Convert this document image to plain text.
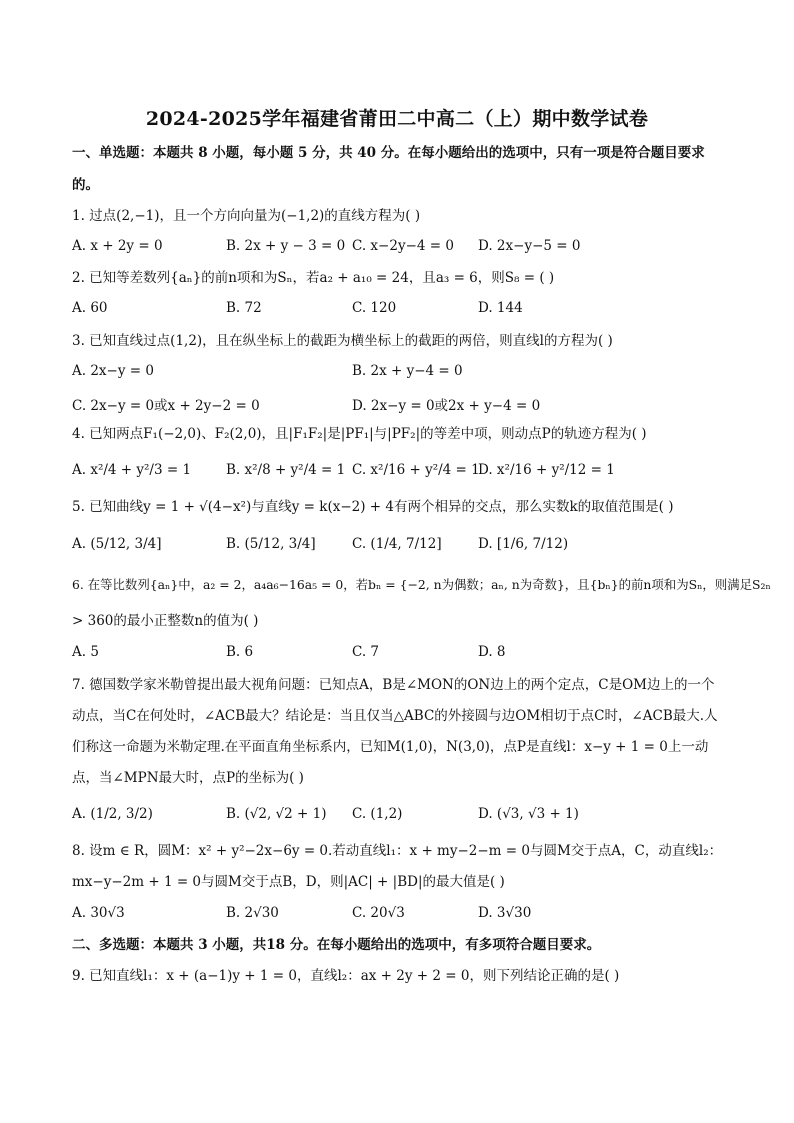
2024-2025学年福建省莆田二中高二（上）期中数学试卷
一、单选题：本题共 8 小题，每小题 5 分，共 40 分。在每小题给出的选项中，只有一项是符合题目要求
的。
1. 过点(2,−1)，且一个方向向量为(−1,2)的直线方程为( )
A. x + 2y = 0	B. 2x + y − 3 = 0 C. x−2y−4 = 0 D. 2x−y−5 = 0
2. 已知等差数列{aₙ}的前n项和为Sₙ，若a₂ + a₁₀ = 24，且a₃ = 6，则S₈ = ( )
A. 60	B. 72	C. 120	D. 144
3. 已知直线过点(1,2)，且在纵坐标上的截距为横坐标上的截距的两倍，则直线l的方程为( )
A. 2x−y = 0	B. 2x + y−4 = 0
C. 2x−y = 0或x + 2y−2 = 0	D. 2x−y = 0或2x + y−4 = 0
4. 已知两点F₁(−2,0)、F₂(2,0)，且|F₁F₂|是|PF₁|与|PF₂|的等差中项，则动点P的轨迹方程为( )
A. x²/4 + y²/3 = 1	B. x²/8 + y²/4 = 1 C. x²/16 + y²/4 = 1
D. x²/16 + y²/12 = 1
5. 已知曲线y = 1 + √(4−x²)与直线y = k(x−2) + 4有两个相异的交点，那么实数k的取值范围是( )
A. (5/12, 3/4]	B. (5/12, 3/4]	C. (1/4, 7/12]	D. [1/6, 7/12)
6. 在等比数列{aₙ}中，a₂ = 2，a₄a₆−16a₅ = 0，若bₙ = {−2, n为偶数；aₙ, n为奇数}，且{bₙ}的前n项和为Sₙ，则满足S₂ₙ
> 360的最小正整数n的值为( )
A. 5	B. 6	C. 7	D. 8
7. 德国数学家米勒曾提出最大视角问题：已知点A，B是∠MON的ON边上的两个定点，C是OM边上的一个
动点，当C在何处时，∠ACB最大？结论是：当且仅当△ABC的外接圆与边OM相切于点C时，∠ACB最大.人
们称这一命题为米勒定理.在平面直角坐标系内，已知M(1,0)，N(3,0)，点P是直线l：x−y + 1 = 0上一动
点，当∠MPN最大时，点P的坐标为( )
A. (1/2, 3/2)	B. (√2, √2 + 1) C. (1,2)	D. (√3, √3 + 1)
8. 设m ∈ R，圆M：x² + y²−2x−6y = 0.若动直线l₁：x + my−2−m = 0与圆M交于点A，C，动直线l₂：
mx−y−2m + 1 = 0与圆M交于点B，D，则|AC| + |BD|的最大值是( )
A. 30√3	B. 2√30	C. 20√3	D. 3√30
二、多选题：本题共 3 小题，共18 分。在每小题给出的选项中，有多项符合题目要求。
9. 已知直线l₁：x + (a−1)y + 1 = 0，直线l₂：ax + 2y + 2 = 0，则下列结论正确的是( )
